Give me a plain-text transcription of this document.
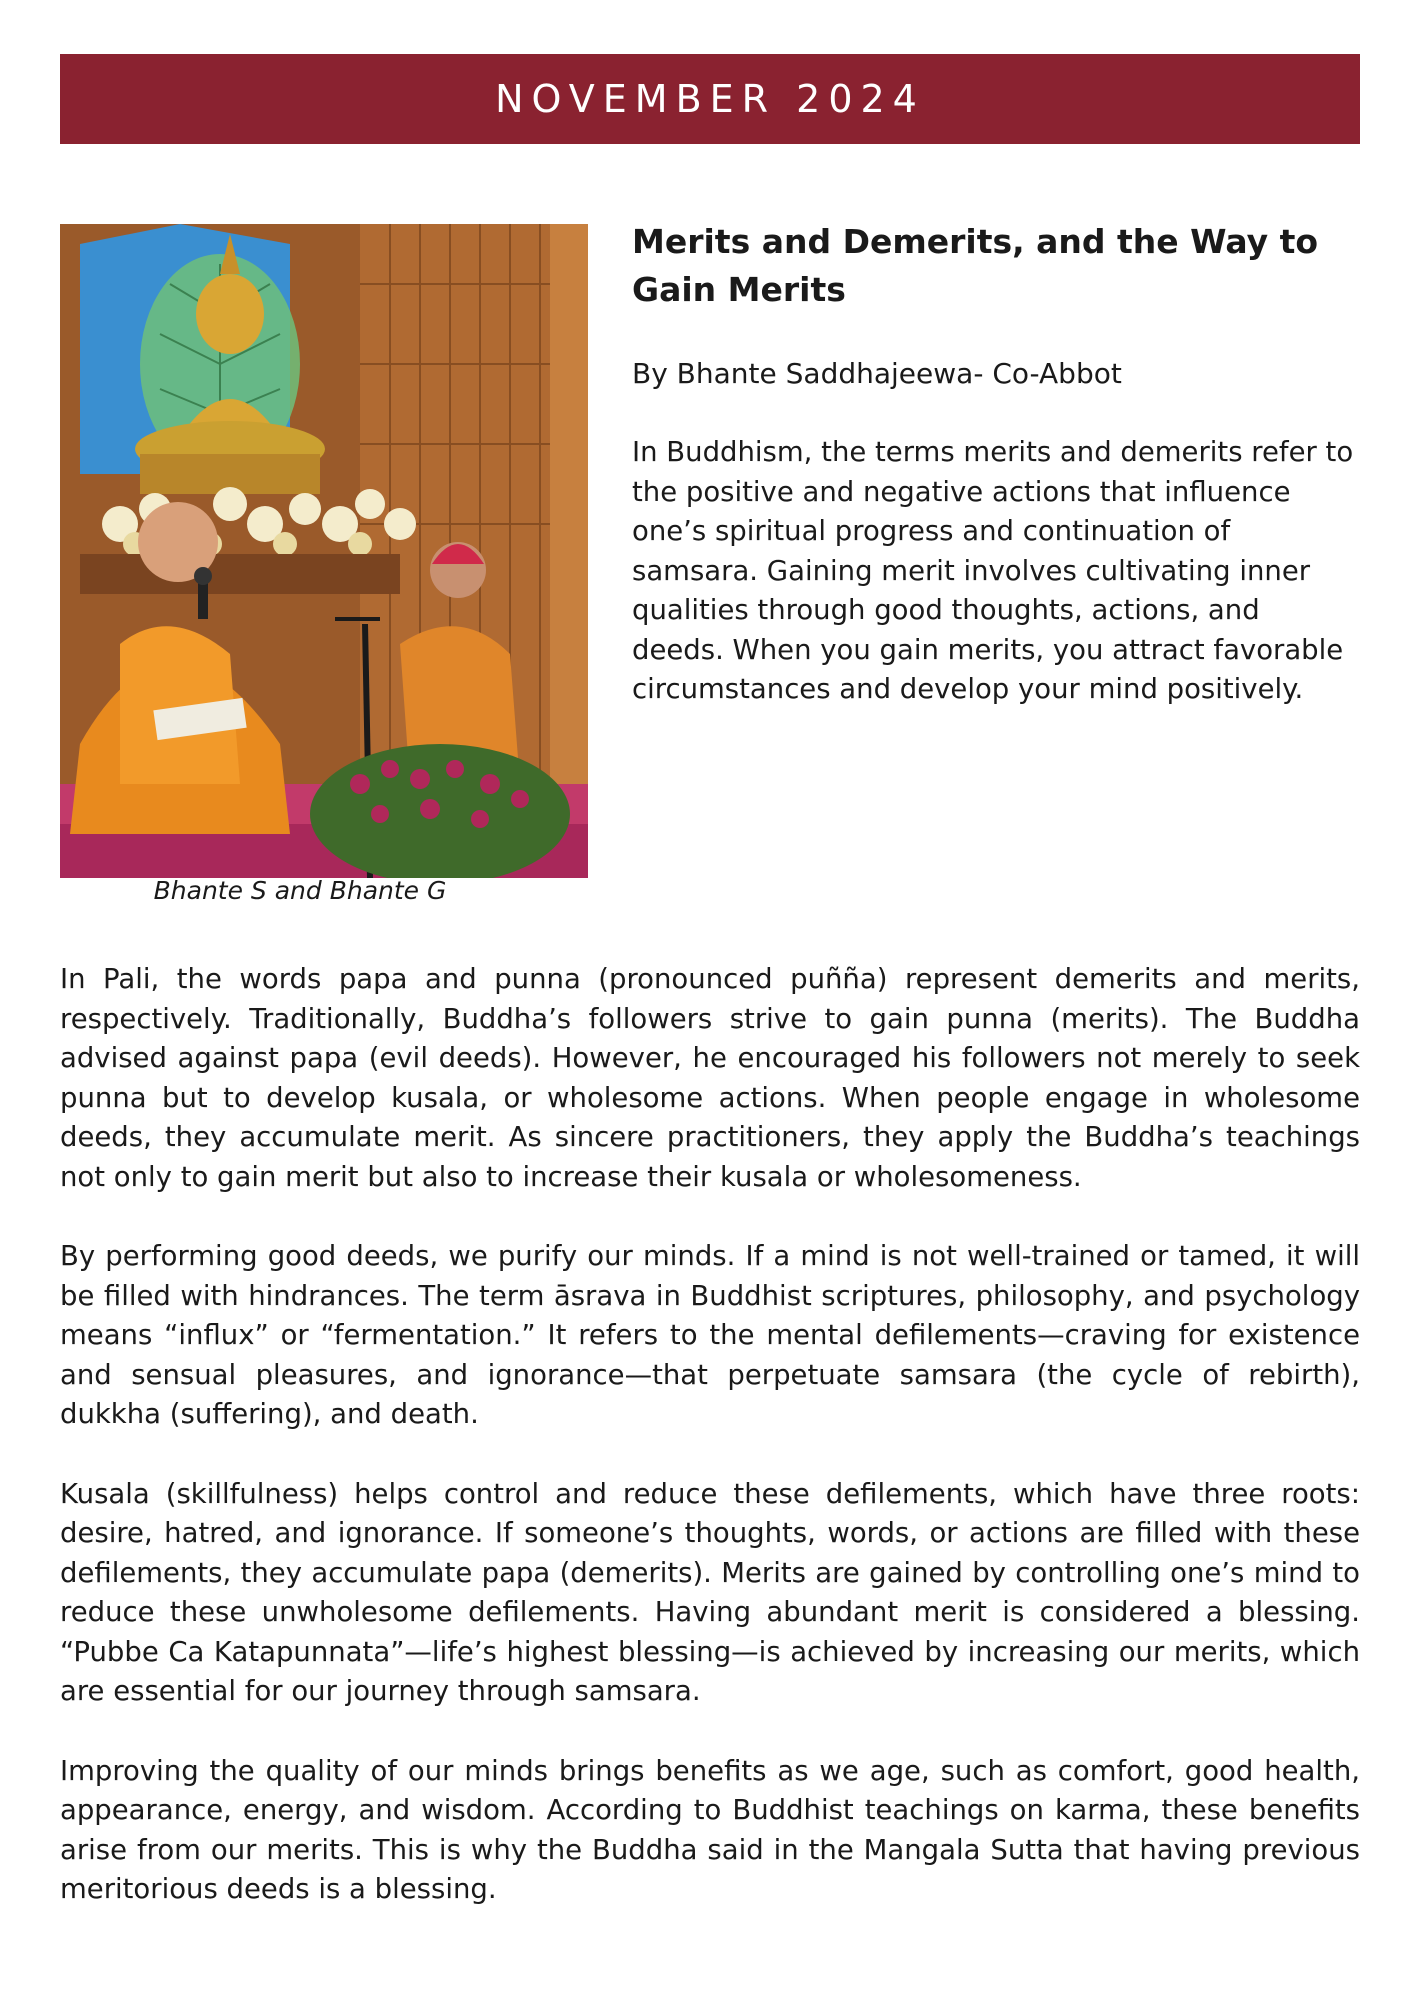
NOVEMBER 2024
Bhante S and Bhante G
Merits and Demerits, and the Way to Gain Merits

By Bhante Saddhajeewa- Co-Abbot

In Buddhism, the terms merits and demerits refer to the positive and negative actions that influence one’s spiritual progress and continuation of samsara. Gaining merit involves cultivating inner qualities through good thoughts, actions, and deeds. When you gain merits, you attract favorable circumstances and develop your mind positively.

In Pali, the words papa and punna (pronounced puñña) represent demerits and merits, respectively. Traditionally, Buddha’s followers strive to gain punna (merits). The Buddha advised against papa (evil deeds). However, he encouraged his followers not merely to seek punna but to develop kusala, or wholesome actions. When people engage in wholesome deeds, they accumulate merit. As sincere practitioners, they apply the Buddha’s teachings not only to gain merit but also to increase their kusala or wholesomeness.

By performing good deeds, we purify our minds. If a mind is not well-trained or tamed, it will be filled with hindrances. The term āsrava in Buddhist scriptures, philosophy, and psychology means “influx” or “fermentation.” It refers to the mental defilements—craving for existence and sensual pleasures, and ignorance—that perpetuate samsara (the cycle of rebirth), dukkha (suffering), and death.

Kusala (skillfulness) helps control and reduce these defilements, which have three roots: desire, hatred, and ignorance. If someone’s thoughts, words, or actions are filled with these defilements, they accumulate papa (demerits). Merits are gained by controlling one’s mind to reduce these unwholesome defilements. Having abundant merit is considered a blessing. “Pubbe Ca Katapunnata”—life’s highest blessing—is achieved by increasing our merits, which are essential for our journey through samsara.

Improving the quality of our minds brings benefits as we age, such as comfort, good health, appearance, energy, and wisdom. According to Buddhist teachings on karma, these benefits arise from our merits. This is why the Buddha said in the Mangala Sutta that having previous meritorious deeds is a blessing.
